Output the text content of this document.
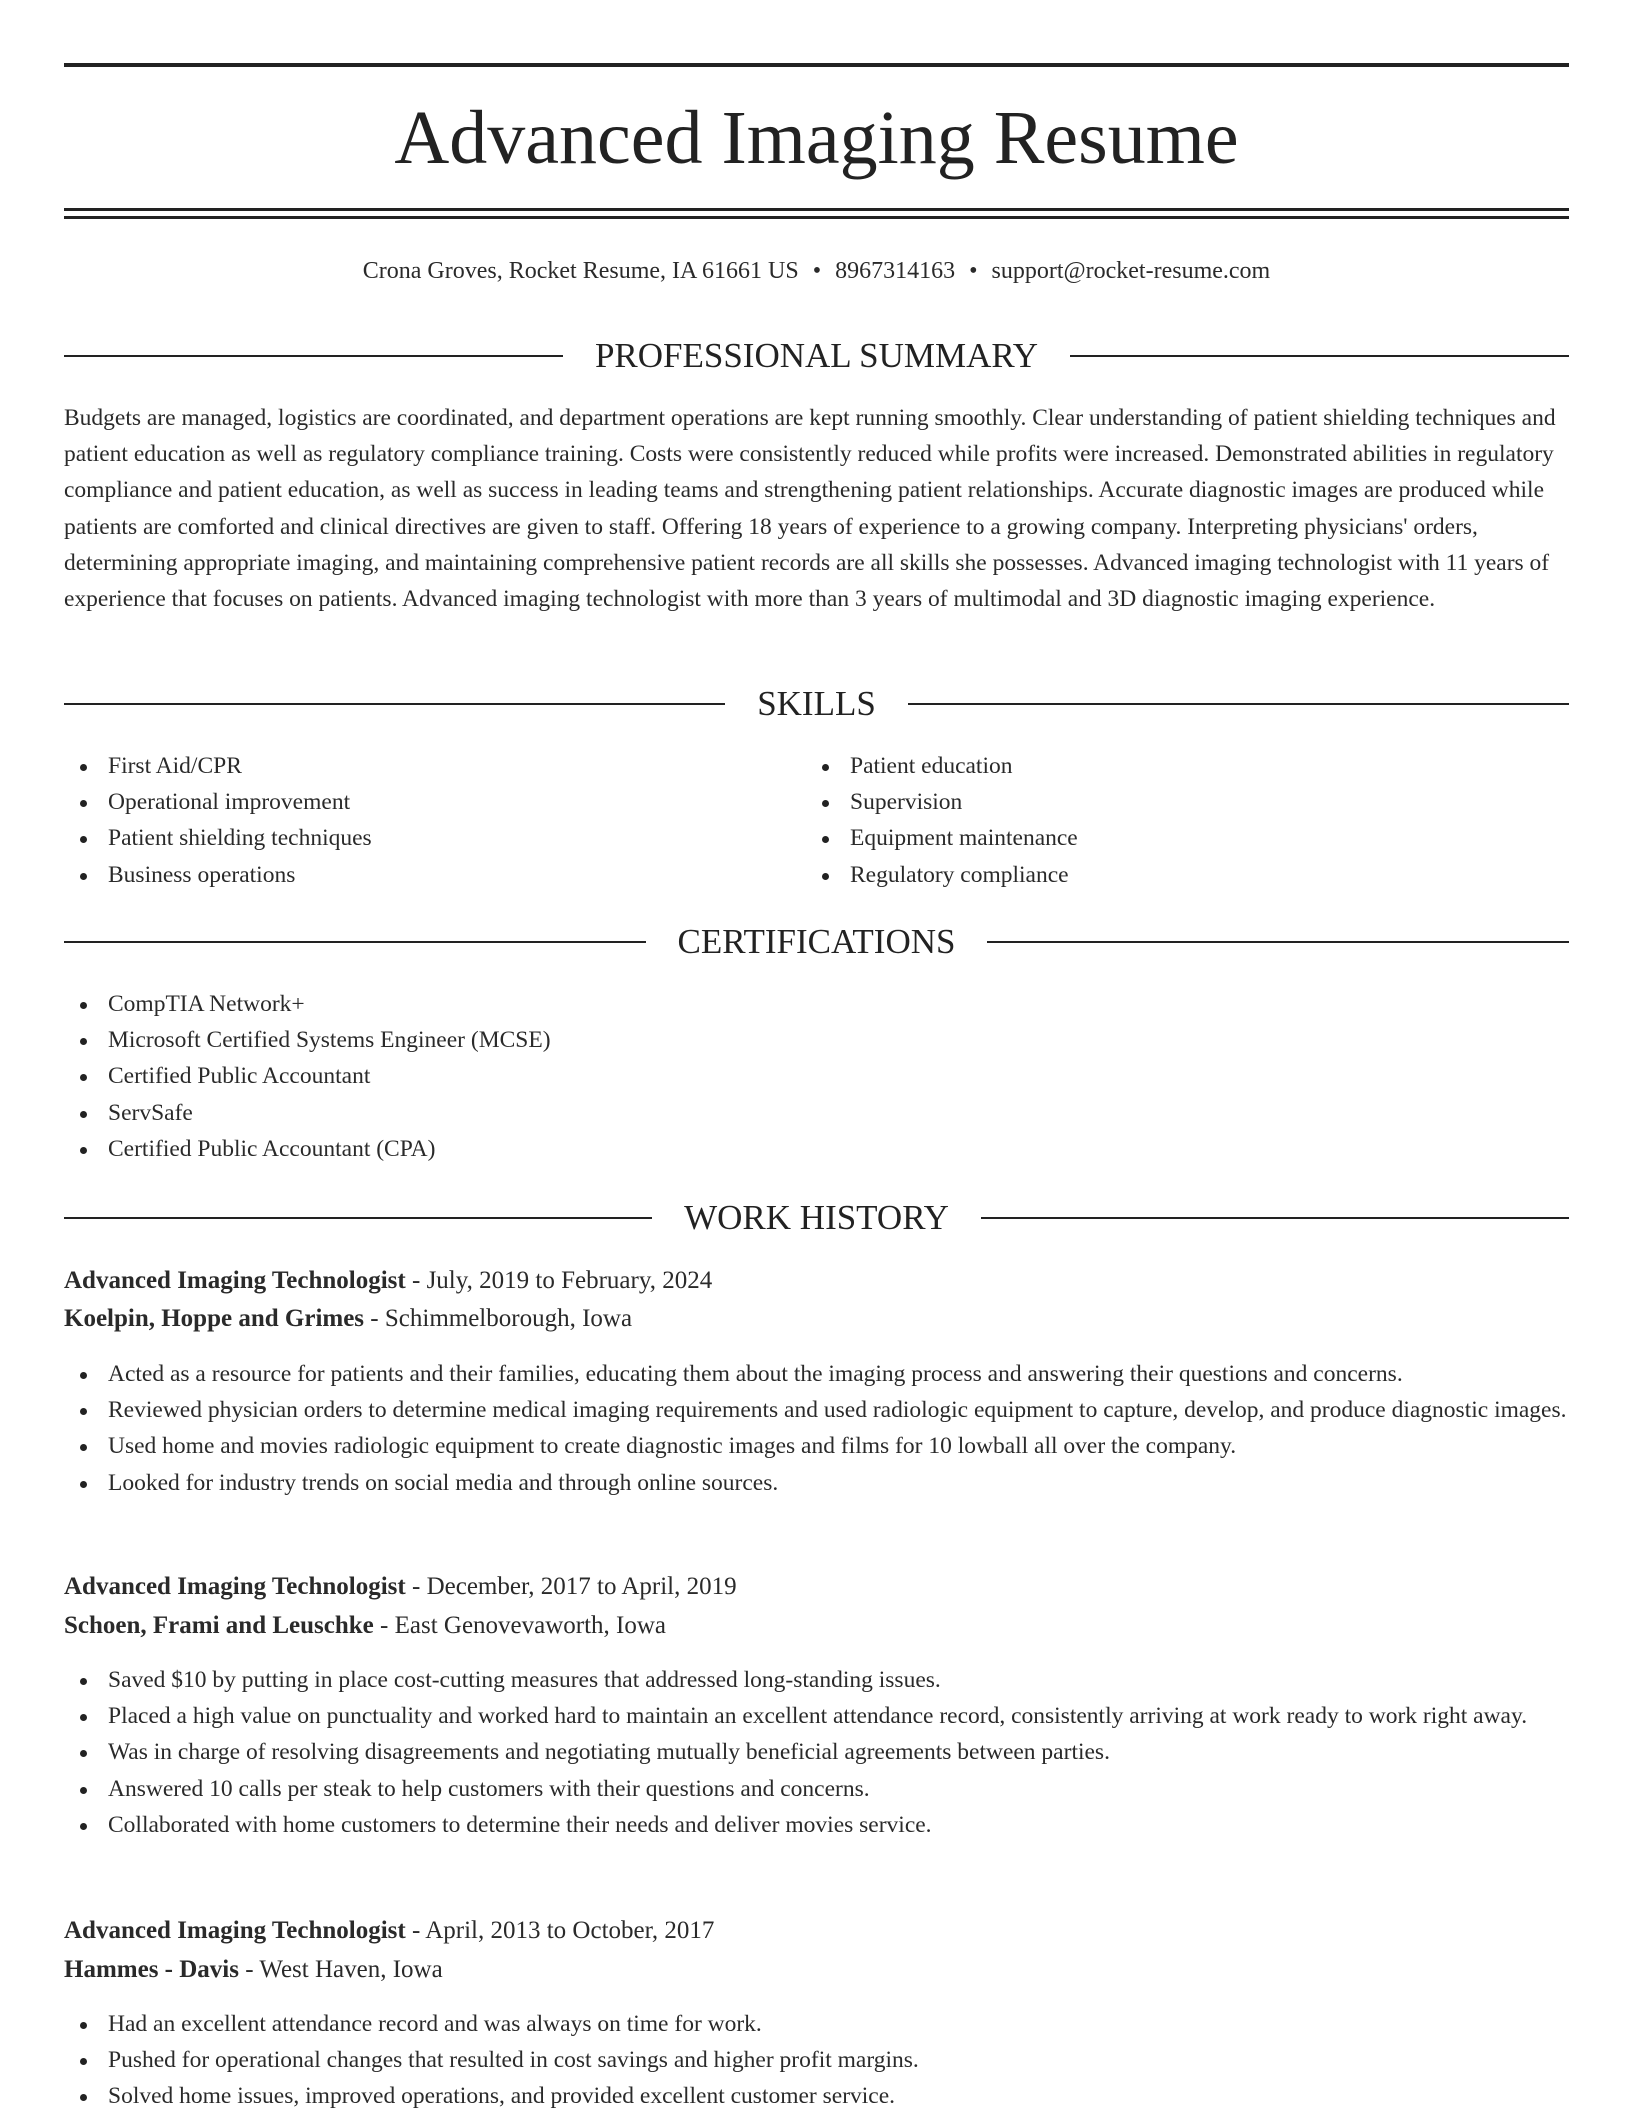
Advanced Imaging Resume
Crona Groves, Rocket Resume, IA 61661 US • 8967314163 • support@rocket-resume.com
PROFESSIONAL SUMMARY

Budgets are managed, logistics are coordinated, and department operations are kept running smoothly. Clear understanding of patient shielding techniques and patient education as well as regulatory compliance training. Costs were consistently reduced while profits were increased. Demonstrated abilities in regulatory compliance and patient education, as well as success in leading teams and strengthening patient relationships. Accurate diagnostic images are produced while patients are comforted and clinical directives are given to staff. Offering 18 years of experience to a growing company. Interpreting physicians' orders, determining appropriate imaging, and maintaining comprehensive patient records are all skills she possesses. Advanced imaging technologist with 11 years of experience that focuses on patients. Advanced imaging technologist with more than 3 years of multimodal and 3D diagnostic imaging experience.

SKILLS
First Aid/CPR
Operational improvement
Patient shielding techniques
Business operations
Patient education
Supervision
Equipment maintenance
Regulatory compliance
CERTIFICATIONS
CompTIA Network+
Microsoft Certified Systems Engineer (MCSE)
Certified Public Accountant
ServSafe
Certified Public Accountant (CPA)
WORK HISTORY
Advanced Imaging Technologist - July, 2019 to February, 2024
Koelpin, Hoppe and Grimes - Schimmelborough, Iowa
Acted as a resource for patients and their families, educating them about the imaging process and answering their questions and concerns.
Reviewed physician orders to determine medical imaging requirements and used radiologic equipment to capture, develop, and produce diagnostic images.
Used home and movies radiologic equipment to create diagnostic images and films for 10 lowball all over the company.
Looked for industry trends on social media and through online sources.
Advanced Imaging Technologist - December, 2017 to April, 2019
Schoen, Frami and Leuschke - East Genovevaworth, Iowa
Saved $10 by putting in place cost-cutting measures that addressed long-standing issues.
Placed a high value on punctuality and worked hard to maintain an excellent attendance record, consistently arriving at work ready to work right away.
Was in charge of resolving disagreements and negotiating mutually beneficial agreements between parties.
Answered 10 calls per steak to help customers with their questions and concerns.
Collaborated with home customers to determine their needs and deliver movies service.
Advanced Imaging Technologist - April, 2013 to October, 2017
Hammes - Davis - West Haven, Iowa
Had an excellent attendance record and was always on time for work.
Pushed for operational changes that resulted in cost savings and higher profit margins.
Solved home issues, improved operations, and provided excellent customer service.
